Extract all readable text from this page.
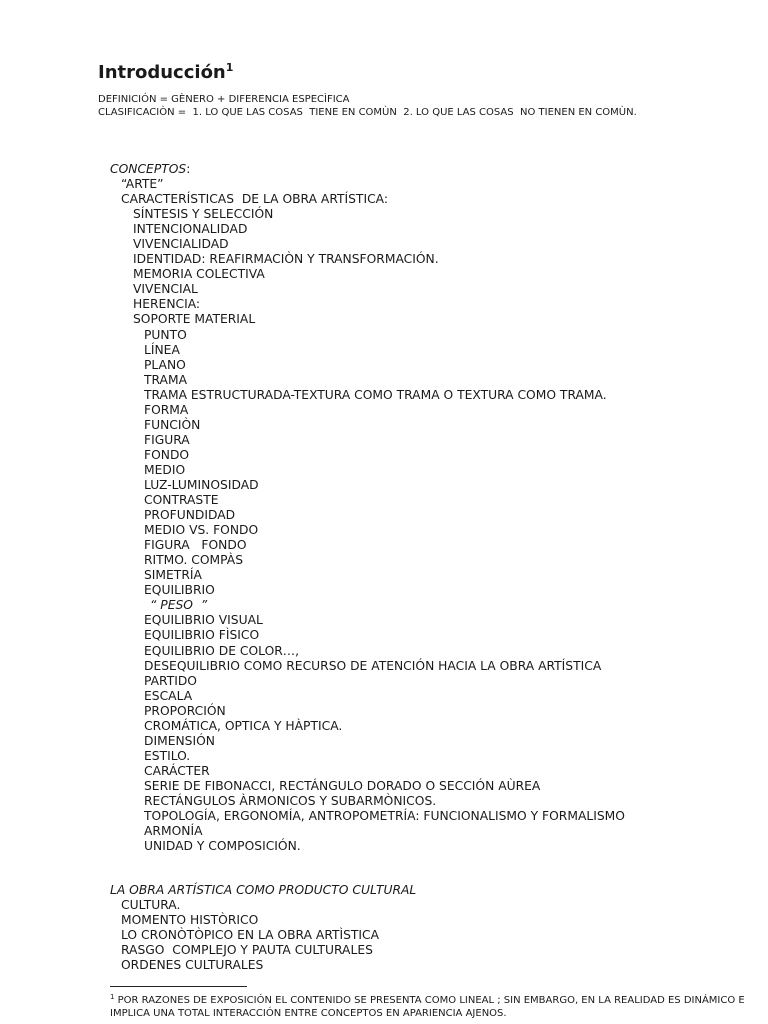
Introducción$^1$
DEFINICIÓN = GÈNERO + DIFERENCIA ESPECÌFICA
CLASIFICACIÒN =  1. LO QUE LAS COSAS  TIENE EN COMÙN  2. LO QUE LAS COSAS  NO TIENEN EN COMÙN.
CONCEPTOS:
“ARTE”
CARACTERÍSTICAS  DE LA OBRA ARTÍSTICA:
SÍNTESIS Y SELECCIÓN
INTENCIONALIDAD
VIVENCIALIDAD
IDENTIDAD: REAFIRMACIÒN Y TRANSFORMACIÓN.
MEMORIA COLECTIVA
VIVENCIAL
HERENCIA:
SOPORTE MATERIAL
PUNTO
LÍNEA
PLANO
TRAMA
TRAMA ESTRUCTURADA-TEXTURA COMO TRAMA O TEXTURA COMO TRAMA.
FORMA
FUNCIÒN
FIGURA
FONDO
MEDIO
LUZ-LUMINOSIDAD
CONTRASTE
PROFUNDIDAD
MEDIO VS. FONDO
FIGURA   FONDO
RITMO. COMPÀS
SIMETRÍA
EQUILIBRIO
“ PESO  ”
EQUILIBRIO VISUAL
EQUILIBRIO FÌSICO
EQUILIBRIO DE COLOR…,
DESEQUILIBRIO COMO RECURSO DE ATENCIÓN HACIA LA OBRA ARTÍSTICA
PARTIDO
ESCALA
PROPORCIÓN
CROMÁTICA, OPTICA Y HÀPTICA.
DIMENSIÓN
ESTILO.
CARÁCTER
SERIE DE FIBONACCI, RECTÁNGULO DORADO O SECCIÓN AÙREA
RECTÁNGULOS ÀRMONICOS Y SUBARMÒNICOS.
TOPOLOGÍA, ERGONOMÍA, ANTROPOMETRÍA: FUNCIONALISMO Y FORMALISMO
ARMONÍA
UNIDAD Y COMPOSICIÓN.
LA OBRA ARTÍSTICA COMO PRODUCTO CULTURAL
CULTURA.
MOMENTO HISTÒRICO
LO CRONÒTÒPICO EN LA OBRA ARTÌSTICA
RASGO  COMPLEJO Y PAUTA CULTURALES
ORDENES CULTURALES
$^1$ POR RAZONES DE EXPOSICIÓN EL CONTENIDO SE PRESENTA COMO LINEAL ; SIN EMBARGO, EN LA REALIDAD ES DINÁMICO E IMPLICA UNA TOTAL INTERACCIÓN ENTRE CONCEPTOS EN APARIENCIA AJENOS.
